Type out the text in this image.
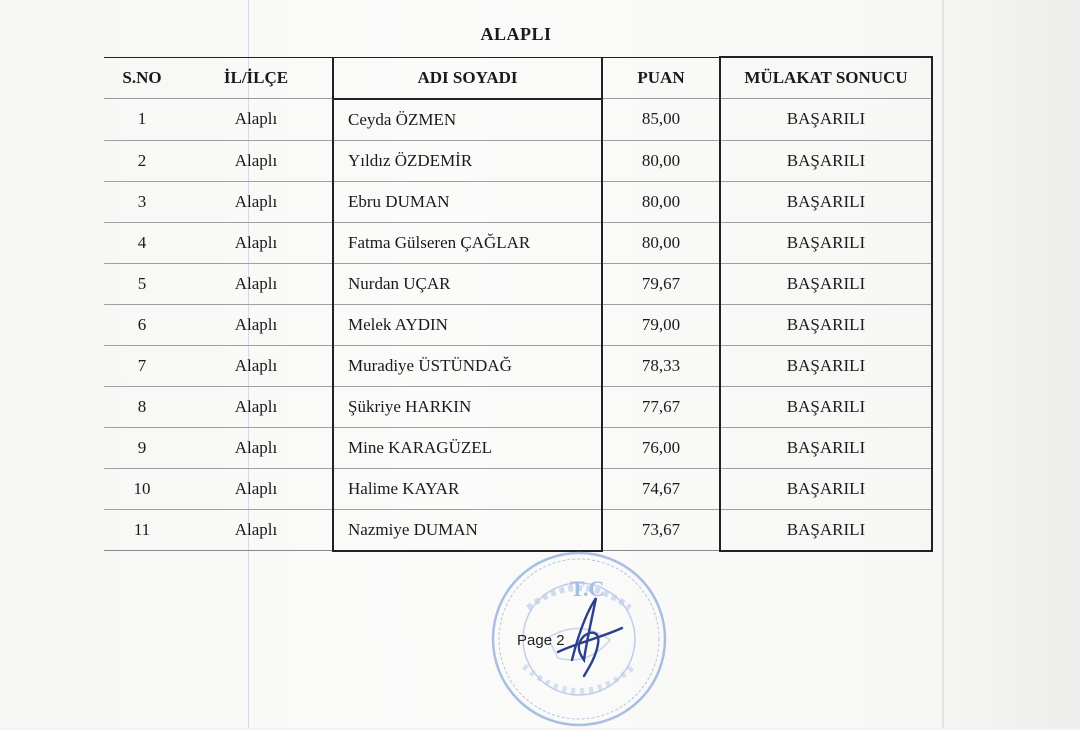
ALAPLI
S.NO	İL/İLÇE	ADI SOYADI	PUAN	MÜLAKAT SONUCU
1	Alaplı	Ceyda ÖZMEN	85,00	BAŞARILI
2	Alaplı	Yıldız ÖZDEMİR	80,00	BAŞARILI
3	Alaplı	Ebru DUMAN	80,00	BAŞARILI
4	Alaplı	Fatma Gülseren ÇAĞLAR	80,00	BAŞARILI
5	Alaplı	Nurdan UÇAR	79,67	BAŞARILI
6	Alaplı	Melek AYDIN	79,00	BAŞARILI
7	Alaplı	Muradiye ÜSTÜNDAĞ	78,33	BAŞARILI
8	Alaplı	Şükriye HARKIN	77,67	BAŞARILI
9	Alaplı	Mine KARAGÜZEL	76,00	BAŞARILI
10	Alaplı	Halime KAYAR	74,67	BAŞARILI
11	Alaplı	Nazmiye DUMAN	73,67	BAŞARILI
T.C
Page 2
